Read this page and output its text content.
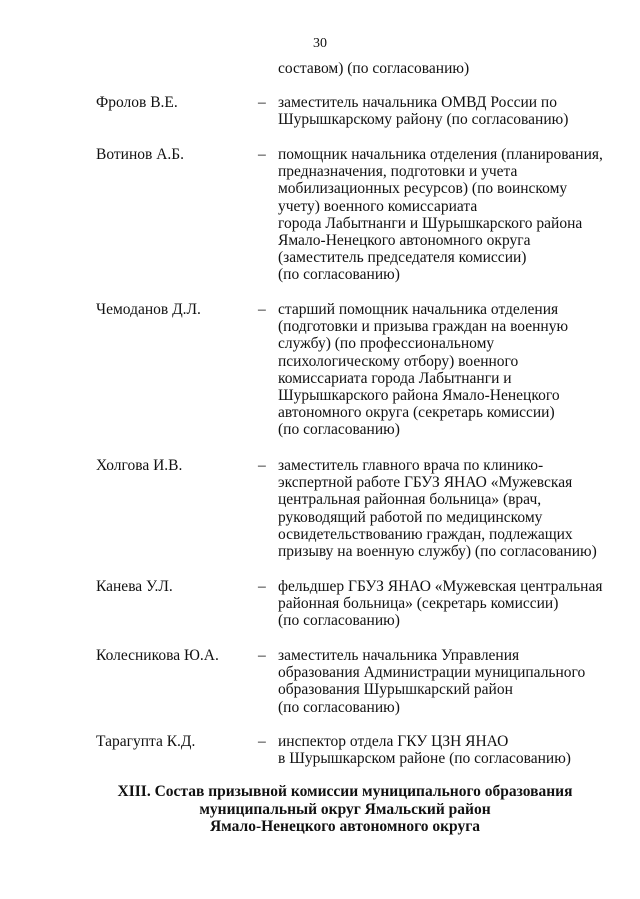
30
составом) (по согласованию)
Фролов В.Е.	– заместитель начальника ОМВД России по
Шурышкарскому району (по согласованию)
Вотинов А.Б.	– помощник начальника отделения (планирования,
предназначения, подготовки и учета
мобилизационных ресурсов) (по воинскому
учету) военного комиссариата
города Лабытнанги и Шурышкарского района
Ямало-Ненецкого автономного округа
(заместитель председателя комиссии)
(по согласованию)
Чемоданов Д.Л.	– старший помощник начальника отделения
(подготовки и призыва граждан на военную
службу) (по профессиональному
психологическому отбору) военного
комиссариата города Лабытнанги и
Шурышкарского района Ямало-Ненецкого
автономного округа (секретарь комиссии)
(по согласованию)
Холгова И.В.	– заместитель главного врача по клинико-
экспертной работе ГБУЗ ЯНАО «Мужевская
центральная районная больница» (врач,
руководящий работой по медицинскому
освидетельствованию граждан, подлежащих
призыву на военную службу) (по согласованию)
Канева У.Л.	– фельдшер ГБУЗ ЯНАО «Мужевская центральная
районная больница» (секретарь комиссии)
(по согласованию)
Колесникова Ю.А.	– заместитель начальника Управления
образования Администрации муниципального
образования Шурышкарский район
(по согласованию)
Тарагупта К.Д.	– инспектор отдела ГКУ ЦЗН ЯНАО
в Шурышкарском районе (по согласованию)
XIII. Состав призывной комиссии муниципального образования
муниципальный округ Ямальский район
Ямало-Ненецкого автономного округа
